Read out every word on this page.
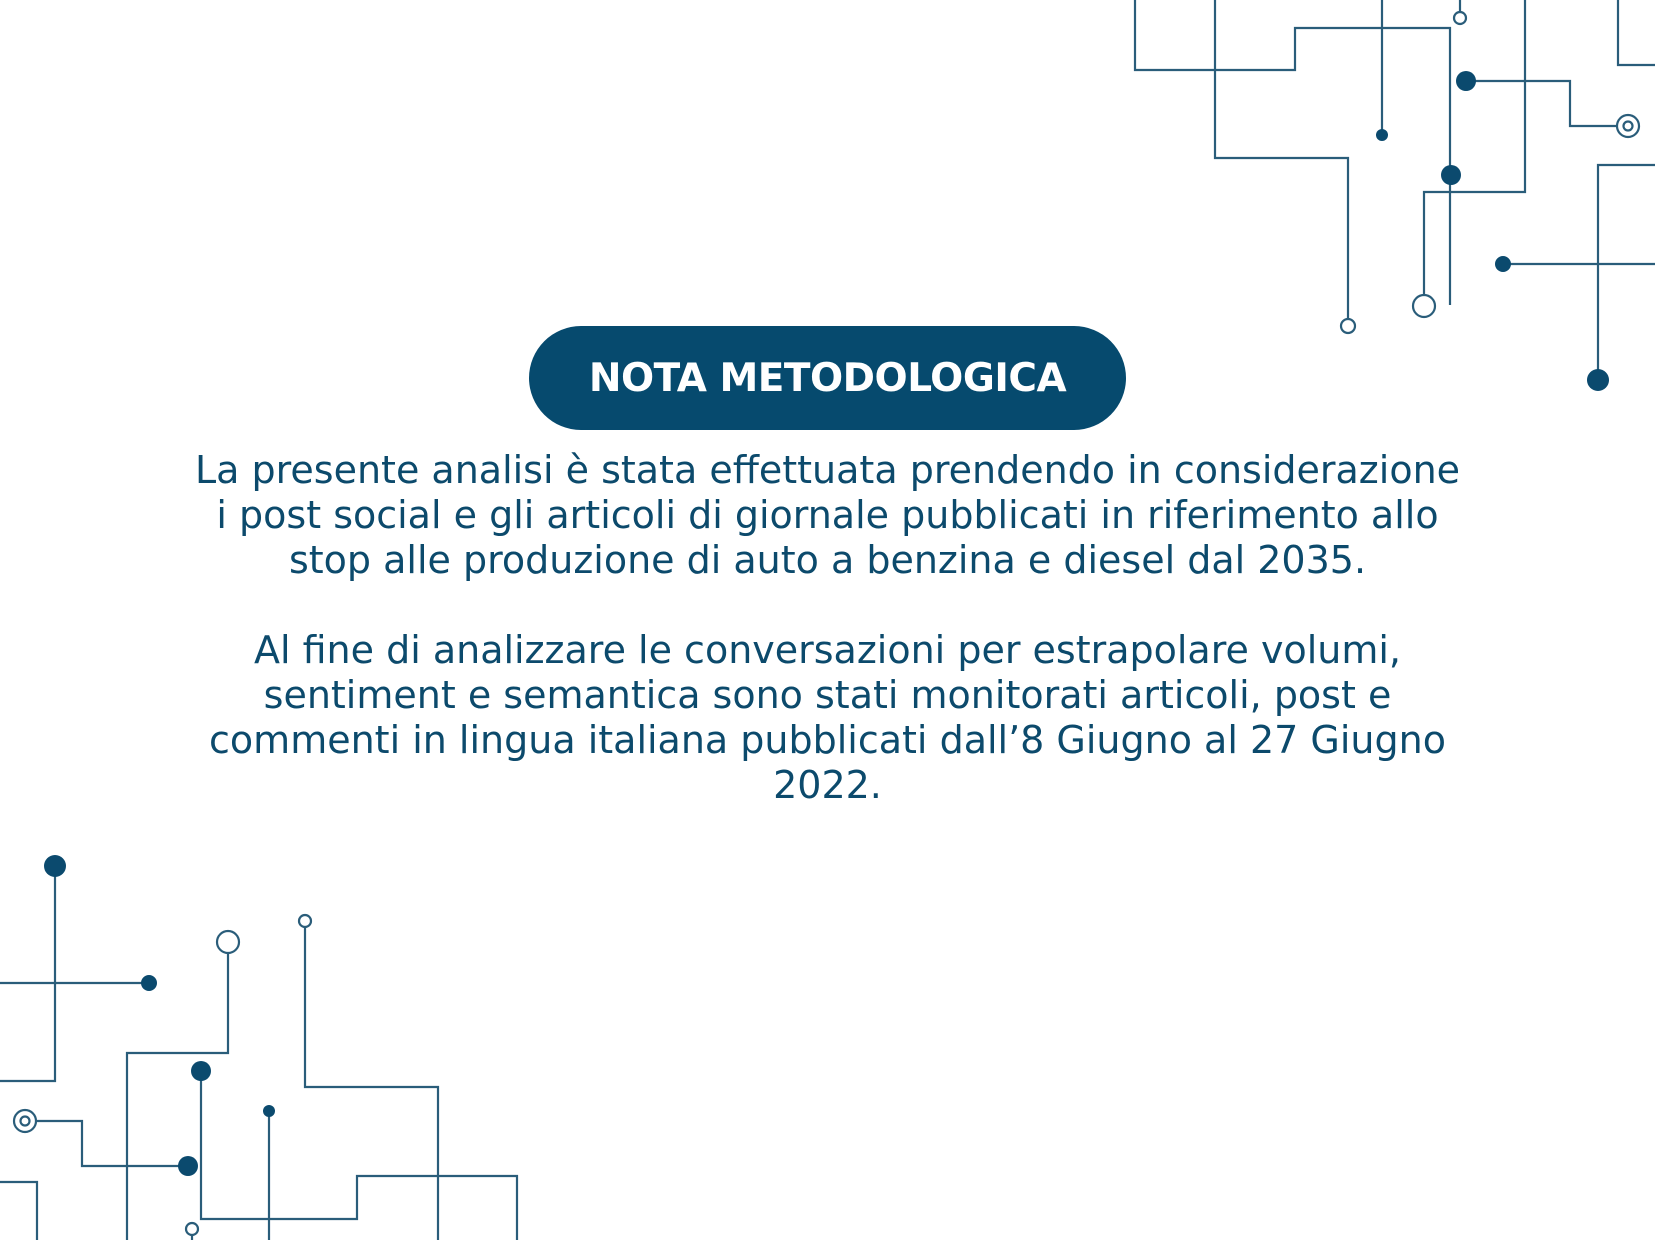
NOTA METODOLOGICA

La presente analisi è stata effettuata prendendo in considerazione i post social e gli articoli di giornale pubblicati in riferimento allo stop alle produzione di auto a benzina e diesel dal 2035.

Al fine di analizzare le conversazioni per estrapolare volumi, sentiment e semantica sono stati monitorati articoli, post e commenti in lingua italiana pubblicati dall’8 Giugno al 27 Giugno 2022.
